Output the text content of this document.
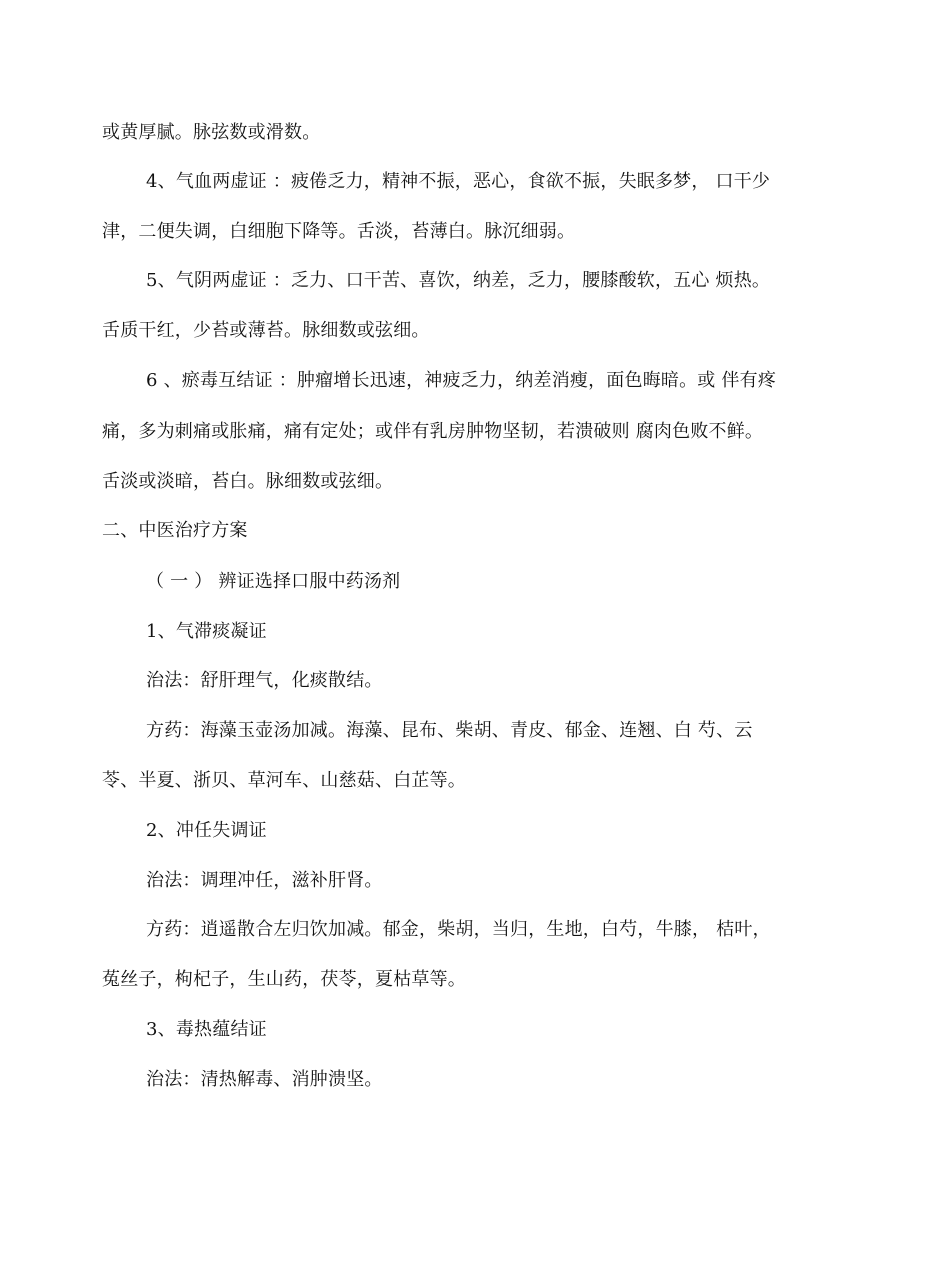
或黄厚腻。脉弦数或滑数。
4、气血两虚证 ：疲倦乏力，精神不振，恶心，食欲不振，失眠多梦， 口干少
津，二便失调，白细胞下降等。舌淡，苔薄白。脉沉细弱。
5、气阴两虚证 ：乏力、口干苦、喜饮，纳差，乏力，腰膝酸软，五心 烦热。
舌质干红，少苔或薄苔。脉细数或弦细。
6 、瘀毒互结证 ：肿瘤增长迅速，神疲乏力，纳差消瘦，面色晦暗。或 伴有疼
痛，多为刺痛或胀痛，痛有定处；或伴有乳房肿物坚韧，若溃破则 腐肉色败不鲜。
舌淡或淡暗，苔白。脉细数或弦细。
二、中医治疗方案
（ 一 ） 辨证选择口服中药汤剂
1、气滞痰凝证
治法：舒肝理气，化痰散结。
方药：海藻玉壶汤加减。海藻、昆布、柴胡、青皮、郁金、连翘、白 芍、云
苓、半夏、浙贝、草河车、山慈菇、白芷等。
2、冲任失调证
治法：调理冲任，滋补肝肾。
方药：逍遥散合左归饮加减。郁金，柴胡，当归，生地，白芍，牛膝， 桔叶，
菟丝子，枸杞子，生山药，茯苓，夏枯草等。
3、毒热蕴结证
治法：清热解毒、消肿溃坚。
